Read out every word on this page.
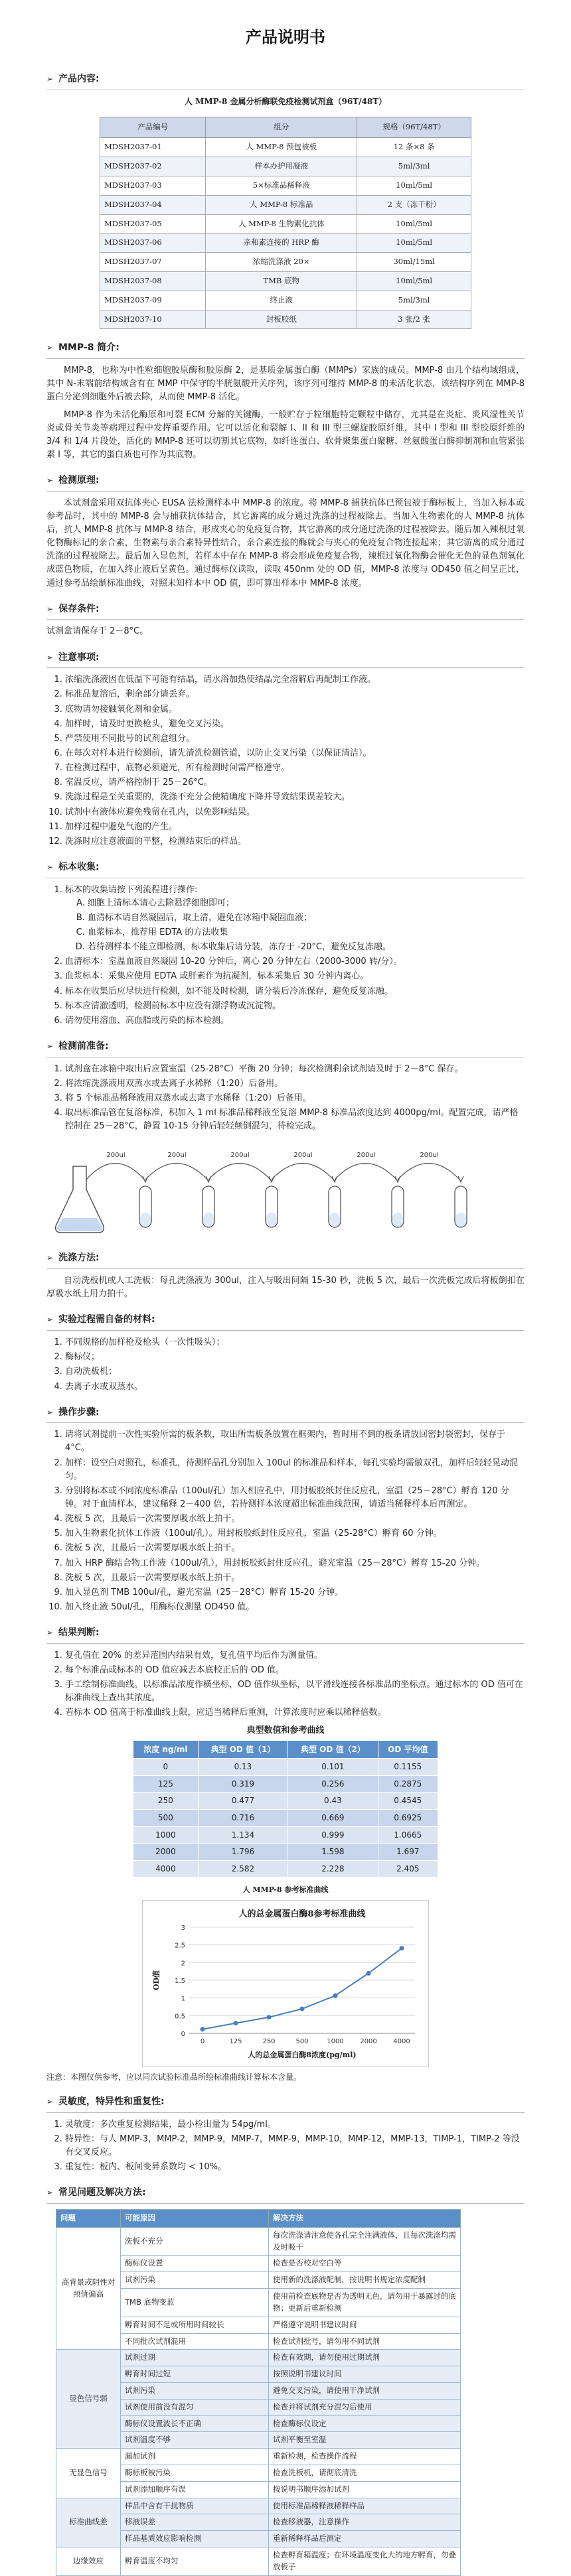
产品说明书
➢ 产品内容:
人 MMP-8 金属分析酶联免疫检测试剂盒（96T/48T）
产品编号	组分	规格（96T/48T）
MDSH2037-01	人 MMP-8 预包被板	12 条×8 条
MDSH2037-02	样本办护用凝液	5ml/3ml
MDSH2037-03	5×标准品稀释液	10ml/5ml
MDSH2037-04	人 MMP-8 标准品	2 支（冻干粉）
MDSH2037-05	人 MMP-8 生物素化抗体	10ml/5ml
MDSH2037-06	亲和素连接的 HRP 酶	10ml/5ml
MDSH2037-07	浓缩洗涤液 20×	30ml/15ml
MDSH2037-08	TMB 底物	10ml/5ml
MDSH2037-09	终止液	5ml/3ml
MDSH2037-10	封板胶纸	3 张/2 张
➢ MMP-8 简介:

MMP-8，也称为中性粒细胞胶原酶和胶原酶 2，是基质金属蛋白酶（MMPs）家族的成员。MMP-8 由几个结构域组成，其中 N-末端前结构域含有在 MMP 中保守的半胱氨酸开关序列，该序列可维持 MMP-8 的未活化状态，该结构序列在 MMP-8 蛋白分泌到细胞外后被去除，从而使 MMP-8 活化。

MMP-8 作为未活化酶原和可裂 ECM 分解的关键酶，一般贮存于粒细胞特定颗粒中储存，尤其是在炎症、炎风湿性关节炎或骨关节炎等病理过程中发挥重要作用。它可以活化和裂解 I、II 和 III 型三螺旋胶原纤维，其中 I 型和 III 型胶原纤维的 3/4 和 1/4 片段处，活化的 MMP-8 还可以切割其它底物，如纤连蛋白、软骨聚集蛋白聚糖、丝氨酸蛋白酶抑制剂和血管紧张素 I 等，其它的蛋白质也可作为其底物。

➢ 检测原理:

本试剂盒采用双抗体夹心 EUSA 法检测样本中 MMP-8 的浓度。将 MMP-8 捕获抗体已预包被于酶标板上，当加入标本或参考品时，其中的 MMP-8 会与捕获抗体结合，其它游离的成分通过洗涤的过程被除去。当加入生物素化的人 MMP-8 抗体后，抗人 MMP-8 抗体与 MMP-8 结合，形成夹心的免疫复合物，其它游离的成分通过洗涤的过程被除去。随后加入辣根过氧化物酶标记的亲合素，生物素与亲合素特异性结合，亲合素连接的酶就会与夹心的免疫复合物连接起来；其它游离的成分通过洗涤的过程被除去。最后加入显色剂，若样本中存在 MMP-8 将会形成免疫复合物，辣根过氧化物酶会催化无色的显色剂氧化成蓝色物质，在加入终止液后呈黄色。通过酶标仪读取，读取 450nm 处的 OD 值，MMP-8 浓度与 OD450 值之间呈正比，通过参考品绘制标准曲线，对照未知样本中 OD 值，即可算出样本中 MMP-8 浓度。

➢ 保存条件:

试剂盒请保存于 2－8°C。

➢ 注意事项:
1. 浓缩洗涤液因在低温下可能有结晶，请水浴加热使结晶完全溶解后再配制工作液。
2. 标准品复溶后，剩余部分请丢弃。
3. 底物请勿接触氧化剂和金属。
4. 加样时，请及时更换枪头，避免交叉污染。
5. 严禁使用不同批号的试剂盒组分。
6. 在每次对样本进行检测前，请先清洗检测管道，以防止交叉污染（以保证清洁）。
7. 在检测过程中，底物必须避光，所有检测时间需严格遵守。
8. 室温反应，请严格控制于 25－26°C。
9. 洗涤过程是至关重要的，洗涤不充分会使精确度下降并导致结果误差较大。
10. 试剂中有液体应避免残留在孔内，以免影响结果。
11. 加样过程中避免气泡的产生。
12. 洗涤时应注意液面的平整，检测结束后的样品。
➢ 标本收集:
1. 标本的收集请按下列流程进行操作:
A. 细胞上清标本请心去除悬浮细胞即可；
B. 血清标本请自然凝固后，取上清，避免在冰箱中凝固血液；
C. 血浆标本，推荐用 EDTA 的方法收集
D. 若待测样本不能立即检测，标本收集后请分装，冻存于 -20°C，避免反复冻融。
2. 血清标本：室温血液自然凝固 10-20 分钟后，离心 20 分钟左右（2000-3000 转/分）。
3. 血浆标本：采集应使用 EDTA 或肝素作为抗凝剂，标本采集后 30 分钟内离心。
4. 标本在收集后应尽快进行检测，如不能及时检测，请分装后冷冻保存，避免反复冻融。
5. 标本应清澈透明，检测前标本中应没有漂浮物或沉淀物。
6. 请勿使用溶血、高血脂或污染的标本检测。
➢ 检测前准备:
1. 试剂盒在冰箱中取出后应置室温（25-28°C）平衡 20 分钟；每次检测剩余试剂请及时于 2－8°C 保存。
2. 将浓缩洗涤液用双蒸水或去离子水稀释（1:20）后备用。
3. 将 5 个标准品稀释液用双蒸水或去离子水稀释（1:20）后备用。
4. 取出标准品管在复溶标准，积加入 1 ml 标准品稀释液至复溶 MMP-8 标准品浓度达到 4000pg/ml。配置完成，请严格控制在 25－28°C，静置 10-15 分钟后轻轻颠倒混匀，待检完成。
200ul	200ul	200ul	200ul	200ul	200ul
➢ 洗涤方法:

自动洗板机或人工洗板：每孔洗涤液为 300ul，注入与吸出间隔 15-30 秒，洗板 5 次，最后一次洗板完成后将板倒扣在厚吸水纸上用力拍干。

➢ 实验过程需自备的材料:
1. 不同规格的加样枪及枪头（一次性吸头）；
2. 酶标仪；
3. 自动洗板机；
4. 去离子水或双蒸水。
➢ 操作步骤:
1. 请将试剂提前一次性实验所需的板条数，取出所需板条放置在框架内，暂时用不到的板条请放回密封袋密封，保存于 4°C。
2. 加样：设空白对照孔，标准孔，待测样品孔分别加入 100ul 的标准品和样本，每孔实验均需做双孔，加样后轻轻晃动混匀。
3. 分别将标本或不同浓度标准品（100ul/孔）加入相应孔中，用封板胶纸封住反应孔，室温（25－28°C）孵育 120 分钟。对于血清样本，建议稀释 2－400 倍，若待测样本浓度超出标准曲线范围，请适当稀释样本后再测定。
4. 洗板 5 次，且最后一次需要厚吸水纸上拍干。
5. 加入生物素化抗体工作液（100ul/孔）。用封板胶纸封住反应孔，室温（25-28°C）孵育 60 分钟。
6. 洗板 5 次，且最后一次需要厚吸水纸上拍干。
7. 加入 HRP 酶结合物工作液（100ul/孔），用封板胶纸封住反应孔，避光室温（25－28°C）孵育 15-20 分钟。
8. 洗板 5 次，且最后一次需要厚吸水纸上拍干。
9. 加入显色剂 TMB 100ul/孔，避光室温（25－28°C）孵育 15-20 分钟。
10. 加入终止液 50ul/孔，用酶标仪测量 OD450 值。
➢ 结果判断:
1. 复孔值在 20% 的差异范围内结果有效，复孔值平均后作为测量值。
2. 每个标准品或标本的 OD 值应减去本底校正后的 OD 值。
3. 手工绘制标准曲线。以标准品浓度作横坐标，OD 值作纵坐标，以平滑线连接各标准品的坐标点。通过标本的 OD 值可在标准曲线上查出其浓度。
4. 若标本 OD 值高于标准曲线上限，应适当稀释后重测，计算浓度时应乘以稀释倍数。
典型数值和参考曲线
浓度 ng/ml	典型 OD 值（1）	典型 OD 值（2）	OD 平均值
0	0.13	0.101	0.1155
125	0.319	0.256	0.2875
250	0.477	0.43	0.4545
500	0.716	0.669	0.6925
1000	1.134	0.999	1.0665
2000	1.796	1.598	1.697
4000	2.582	2.228	2.405
人 MMP-8 参考标准曲线
人的总金属蛋白酶8参考标准曲线
0
0.5
1
1.5
2
2.5
3
0	125	250	500	1000 2000 4000
OD值
人的总金属蛋白酶8浓度(pg/ml)
注意：本图仅供参考，应以同次试验标准品所绘标准曲线计算标本含量。
➢ 灵敏度，特异性和重复性:
1. 灵敏度：多次重复检测结果，最小检出量为 54pg/ml。
2. 特异性：与人 MMP-3，MMP-2，MMP-9，MMP-7，MMP-9，MMP-10，MMP-12，MMP-13，TIMP-1，TIMP-2 等没有交叉反应。
3. 重复性：板内、板间变异系数均 < 10%。
➢ 常见问题及解决方法:
问题	可能原因	解决方法
高背景或阴性对照值偏高	洗板不充分	每次洗涤请注意使各孔完全注满液体，且每次洗涤均需及时吸干
	酶标仪设置	检查是否校对空白等
	试剂污染	使用新的洗涤液配制，按说明书规定浓度配制
	TMB 底物变蓝	使用前检查底物是否为透明无色，请勿用于暴露过的底物；更新后重新检测
	孵育时间不足或所用时间较长	严格遵守说明书建议时间
	不同批次试剂混用	检查试剂批号，请勿用不同试剂
显色信号弱	试剂过期	检查有效期，请勿使用过期试剂
	孵育时间过短	按照说明书建议时间
	试剂污染	避免交叉污染，请使用干净试剂
	试剂使用前没有混匀	检查并将试剂充分混匀后使用
	酶标仪设置波长不正确	检查酶标仪设定
	试剂温度不够	试剂平衡至室温
无显色信号	漏加试剂	重新检测，检查操作流程
	酶标板被污染	检查洗板机，请彻底清洗
	试剂添加顺序有误	按说明书顺序添加试剂
标准曲线差	样品中含有干扰物质	使用标准品稀释液稀释样品
	移液误差	检查移液器，注意操作
	样品基质效应影响检测	重新稀释样品后测定
边缘效应	孵育温度不均匀	检查孵育箱温度；在环境温度变化大的地方孵育，勿叠放板子
